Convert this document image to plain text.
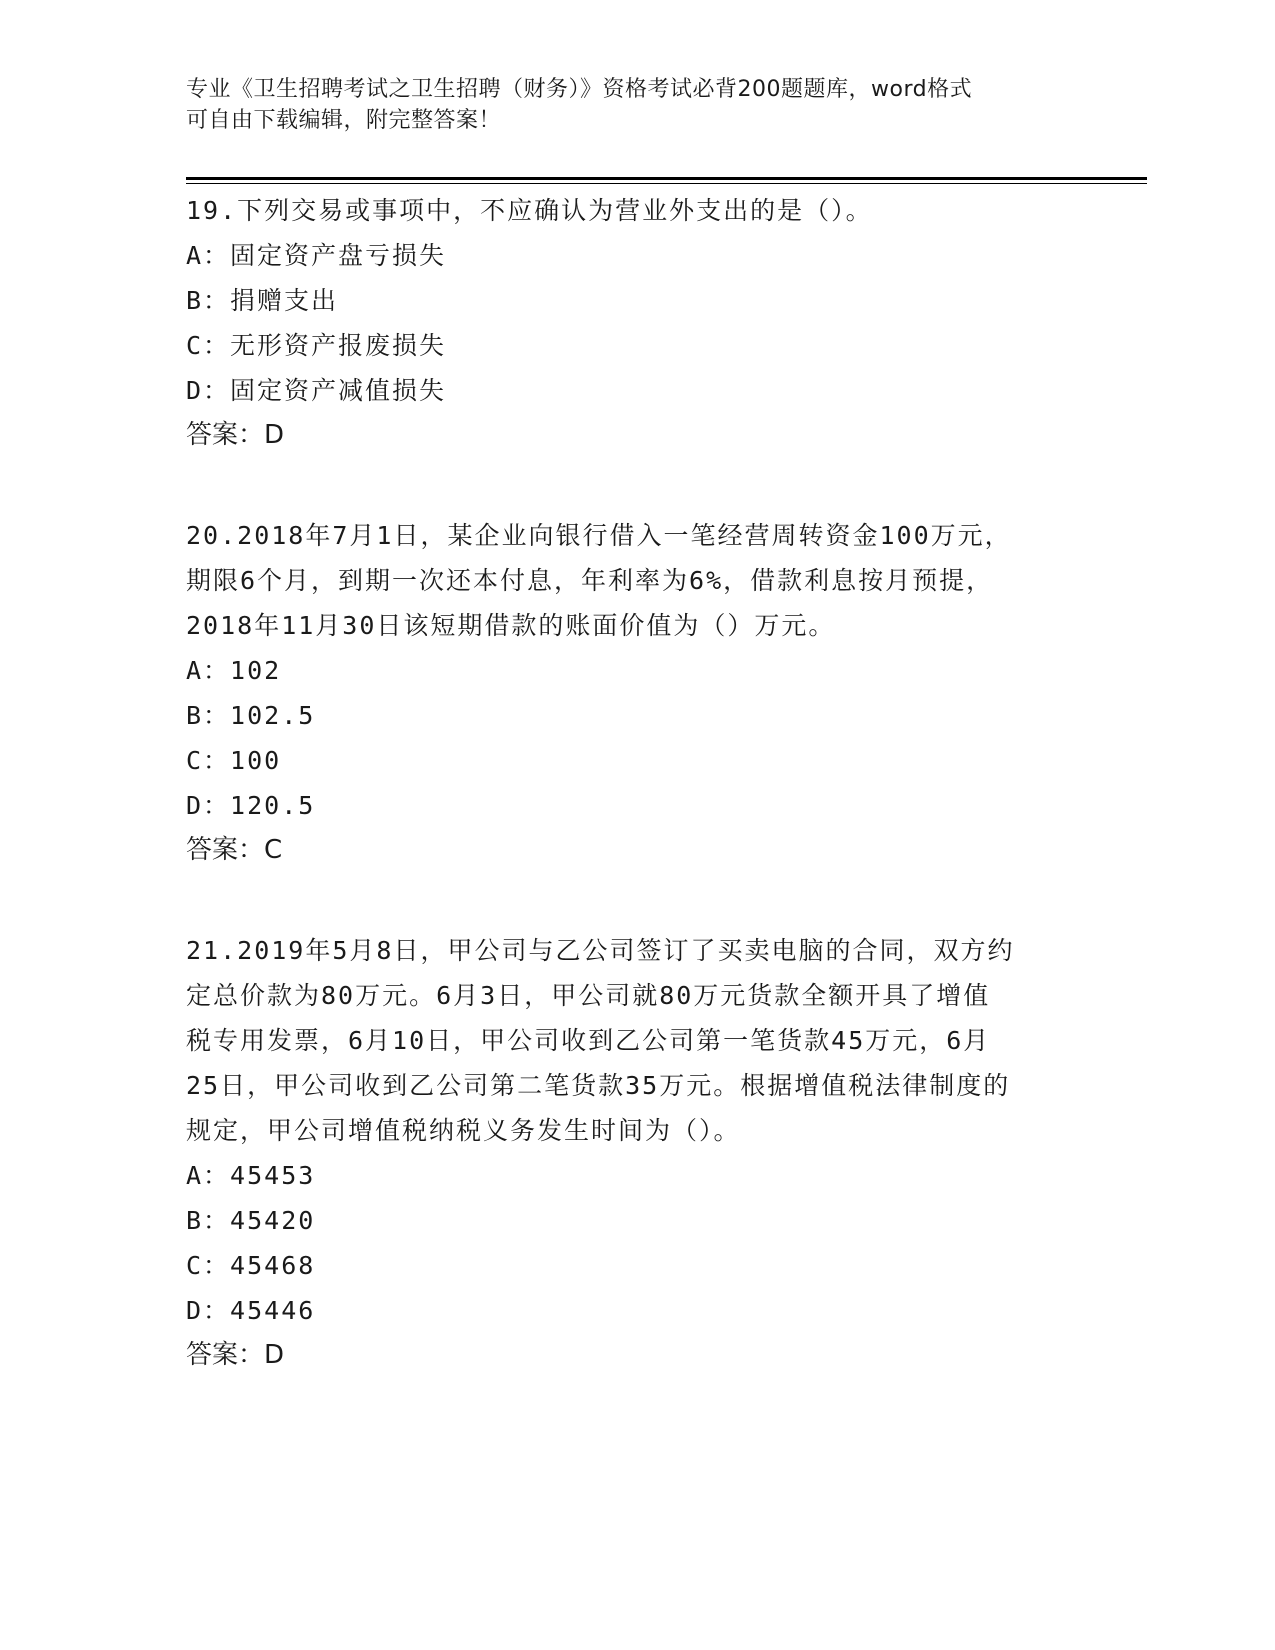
专业《卫生招聘考试之卫生招聘（财务）》资格考试必背200题题库，word格式
可自由下载编辑，附完整答案！

19.下列交易或事项中，不应确认为营业外支出的是（）。

A：固定资产盘亏损失

B：捐赠支出

C：无形资产报废损失

D：固定资产减值损失

答案：D

20.2018年7月1日，某企业向银行借入一笔经营周转资金100万元，

期限6个月，到期一次还本付息，年利率为6%，借款利息按月预提，

2018年11月30日该短期借款的账面价值为（）万元。

A：102

B：102.5

C：100

D：120.5

答案：C

21.2019年5月8日，甲公司与乙公司签订了买卖电脑的合同，双方约

定总价款为80万元。6月3日，甲公司就80万元货款全额开具了增值

税专用发票，6月10日，甲公司收到乙公司第一笔货款45万元，6月

25日，甲公司收到乙公司第二笔货款35万元。根据增值税法律制度的

规定，甲公司增值税纳税义务发生时间为（）。

A：45453

B：45420

C：45468

D：45446

答案：D
